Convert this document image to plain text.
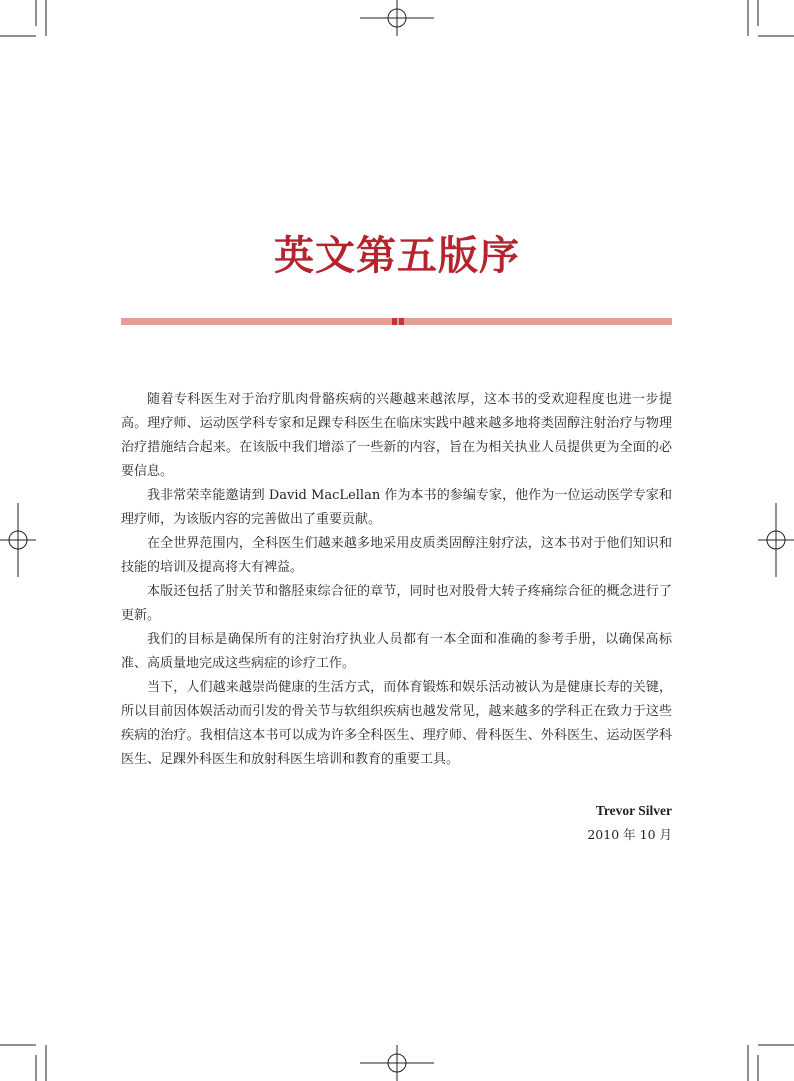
英文第五版序

随着专科医生对于治疗肌肉骨骼疾病的兴趣越来越浓厚，这本书的受欢迎程度也进一步提高。理疗师、运动医学科专家和足踝专科医生在临床实践中越来越多地将类固醇注射治疗与物理治疗措施结合起来。在该版中我们增添了一些新的内容，旨在为相关执业人员提供更为全面的必要信息。

我非常荣幸能邀请到 David MacLellan 作为本书的参编专家，他作为一位运动医学专家和理疗师，为该版内容的完善做出了重要贡献。

在全世界范围内，全科医生们越来越多地采用皮质类固醇注射疗法，这本书对于他们知识和技能的培训及提高将大有裨益。

本版还包括了肘关节和髂胫束综合征的章节，同时也对股骨大转子疼痛综合征的概念进行了更新。

我们的目标是确保所有的注射治疗执业人员都有一本全面和准确的参考手册，以确保高标准、高质量地完成这些病症的诊疗工作。

当下，人们越来越崇尚健康的生活方式，而体育锻炼和娱乐活动被认为是健康长寿的关键，所以目前因体娱活动而引发的骨关节与软组织疾病也越发常见，越来越多的学科正在致力于这些疾病的治疗。我相信这本书可以成为许多全科医生、理疗师、骨科医生、外科医生、运动医学科医生、足踝外科医生和放射科医生培训和教育的重要工具。

Trevor Silver
2010 年 10 月
